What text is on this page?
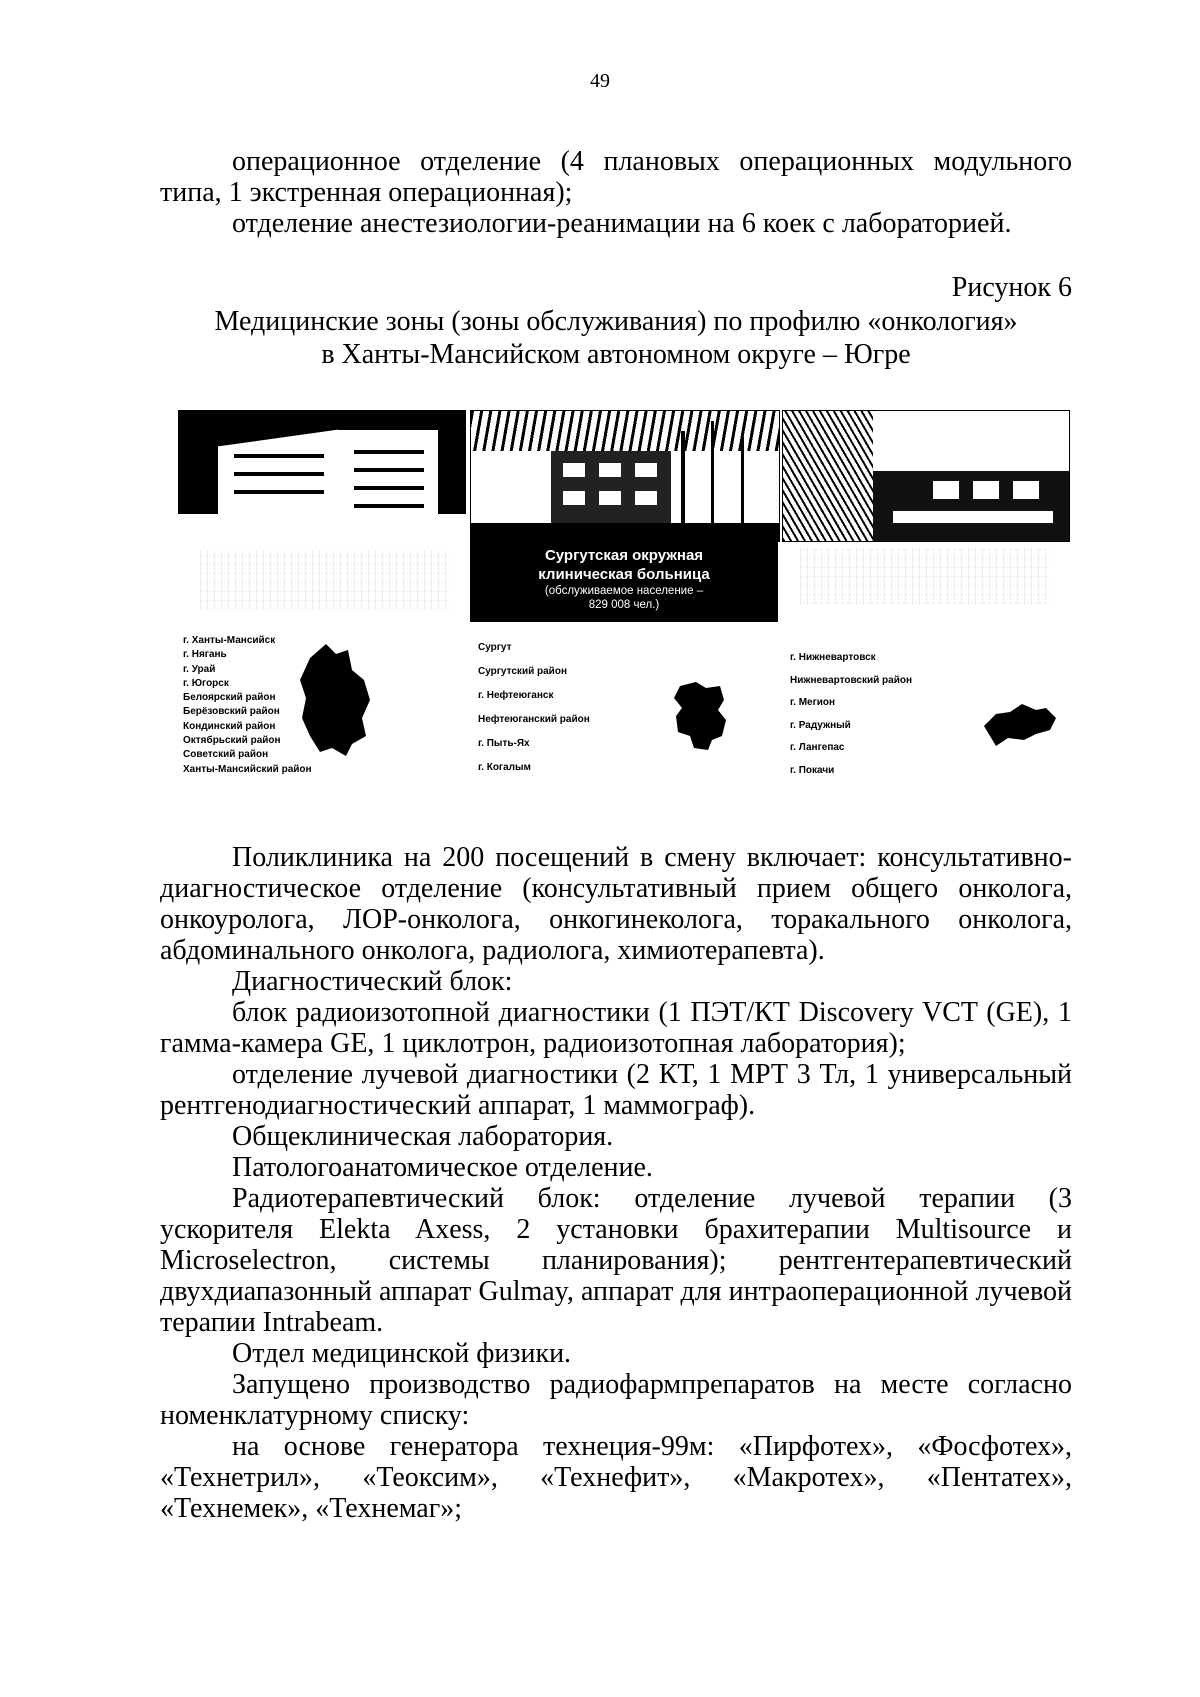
49
операционное отделение (4 плановых операционных модульного типа, 1 экстренная операционная);
отделение анестезиологии-реанимации на 6 коек с лабораторией.
Рисунок 6
Медицинские зоны (зоны обслуживания) по профилю «онкология»
в Ханты-Мансийском автономном округе – Югре
Сургутская окружная
клиническая больница
(обслуживаемое население –
829 008 чел.)
г. Ханты-Мансийск
г. Нягань
г. Урай
г. Югорск
Белоярский район
Берёзовский район
Кондинский район
Октябрьский район
Советский район
Ханты-Мансийский район
Сургут
Сургутский район
г. Нефтеюганск
Нефтеюганский район
г. Пыть-Ях
г. Когалым
г. Нижневартовск
Нижневартовский район
г. Мегион
г. Радужный
г. Лангепас
г. Покачи
Поликлиника на 200 посещений в смену включает: консультативно-диагностическое отделение (консультативный прием общего онколога, онкоуролога, ЛОР-онколога, онкогинеколога, торакального онколога, абдоминального онколога, радиолога, химиотерапевта).
Диагностический блок:
блок радиоизотопной диагностики (1 ПЭТ/КТ Discovery VCT (GE), 1 гамма-камера GE, 1 циклотрон, радиоизотопная лаборатория);
отделение лучевой диагностики (2 КТ, 1 МРТ 3 Тл, 1 универсальный рентгенодиагностический аппарат, 1 маммограф).
Общеклиническая лаборатория.
Патологоанатомическое отделение.
Радиотерапевтический блок: отделение лучевой терапии (3 ускорителя Elekta Axess, 2 установки брахитерапии Multisource и Microselectron, системы планирования); рентгентерапевтический двухдиапазонный аппарат Gulmay, аппарат для интраоперационной лучевой терапии Intrabeam.
Отдел медицинской физики.
Запущено производство радиофармпрепаратов на месте согласно номенклатурному списку:
на основе генератора технеция-99м: «Пирфотех», «Фосфотех», «Технетрил», «Теоксим», «Технефит», «Макротех», «Пентатех», «Технемек», «Технемаг»;
